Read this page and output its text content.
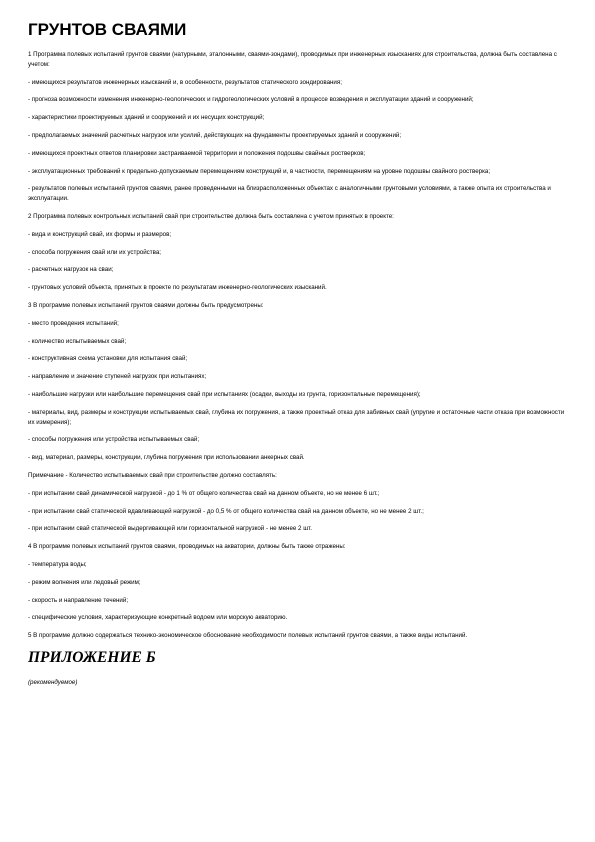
ГРУНТОВ СВАЯМИ

1 Программа полевых испытаний грунтов сваями (натурными, эталонными, сваями-зондами), проводимых при инженерных изысканиях для строительства, должна быть составлена с учетом:

- имеющихся результатов инженерных изысканий и, в особенности, результатов статического зондирования;

- прогноза возможности изменения инженерно-геологических и гидрогеологических условий в процессе возведения и эксплуатации зданий и сооружений;

- характеристики проектируемых зданий и сооружений и их несущих конструкций;

- предполагаемых значений расчетных нагрузок или усилий, действующих на фундаменты проектируемых зданий и сооружений;

- имеющихся проектных ответов планировки застраиваемой территории и положения подошвы свайных ростверков;

- эксплуатационных требований к предельно-допускаемым перемещениям конструкций и, в частности, перемещениям на уровне подошвы свайного ростверка;

- результатов полевых испытаний грунтов сваями, ранее проведенными на близрасположенных объектах с аналогичными грунтовыми условиями, а также опыта их строительства и эксплуатации.

2 Программа полевых контрольных испытаний свай при строительстве должна быть составлена с учетом принятых в проекте:

- вида и конструкций свай, их формы и размеров;

- способа погружения свай или их устройства;

- расчетных нагрузок на сваи;

- грунтовых условий объекта, принятых в проекте по результатам инженерно-геологических изысканий.

3 В программе полевых испытаний грунтов сваями должны быть предусмотрены:

- место проведения испытаний;

- количество испытываемых свай;

- конструктивная схема установки для испытания свай;

- направление и значение ступеней нагрузок при испытаниях;

- наибольшие нагрузки или наибольшие перемещения свай при испытаниях (осадки, выходы из грунта, горизонтальные перемещения);

- материалы, вид, размеры и конструкции испытываемых свай, глубина их погружения, а также проектный отказ для забивных свай (упругие и остаточные части отказа при возможности их измерения);

- способы погружения или устройства испытываемых свай;

- вид, материал, размеры, конструкции, глубина погружения при использовании анкерных свай.

Примечание - Количество испытываемых свай при строительстве должно составлять:

- при испытании свай динамической нагрузкой - до 1 % от общего количества свай на данном объекте, но не менее 6 шт.;

- при испытании свай статической вдавливающей нагрузкой - до 0,5 % от общего количества свай на данном объекте, но не менее 2 шт.;

- при испытании свай статической выдергивающей или горизонтальной нагрузкой - не менее 2 шт.

4 В программе полевых испытаний грунтов сваями, проводимых на акватории, должны быть также отражены:

- температура воды;

- режим волнения или ледовый режим;

- скорость и направление течений;

- специфические условия, характеризующие конкретный водоем или морскую акваторию.

5 В программе должно содержаться технико-экономическое обоснование необходимости полевых испытаний грунтов сваями, а также виды испытаний.

ПРИЛОЖЕНИЕ Б

(рекомендуемое)
